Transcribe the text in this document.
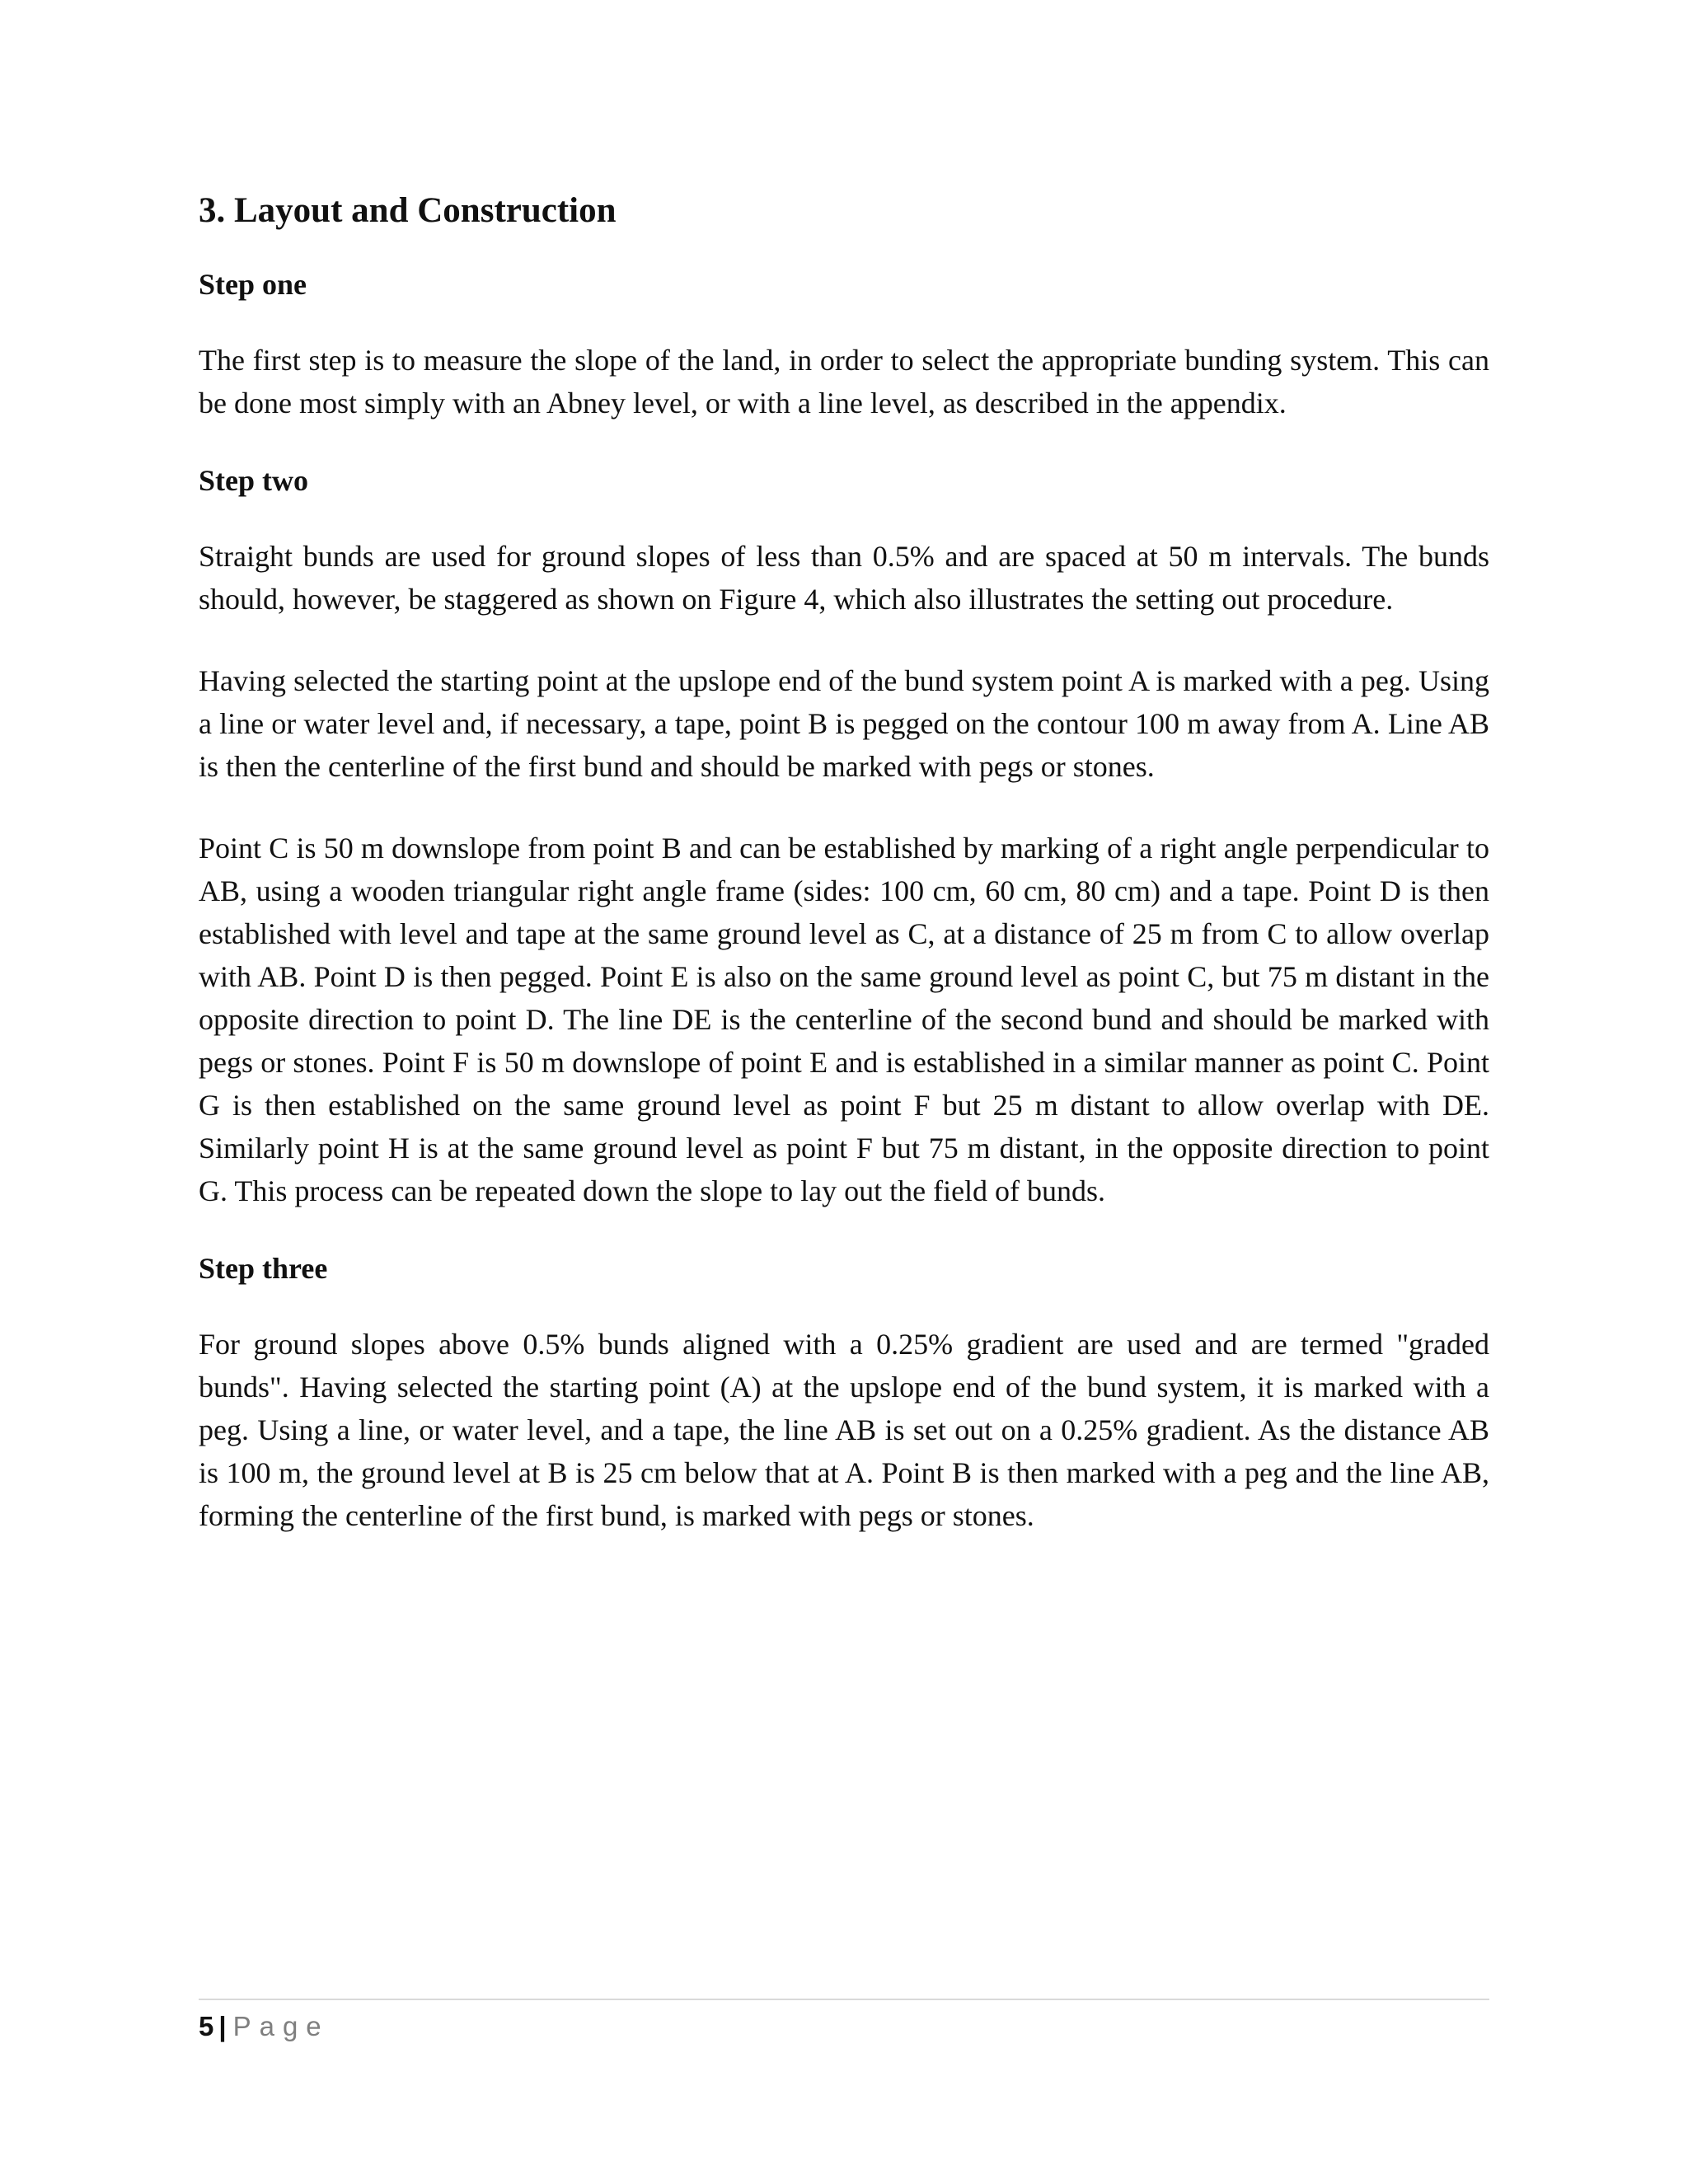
3. Layout and Construction
Step one

The first step is to measure the slope of the land, in order to select the appropriate bunding system. This can be done most simply with an Abney level, or with a line level, as described in the appendix.

Step two

Straight bunds are used for ground slopes of less than 0.5% and are spaced at 50 m intervals. The bunds should, however, be staggered as shown on Figure 4, which also illustrates the setting out procedure.

Having selected the starting point at the upslope end of the bund system point A is marked with a peg. Using a line or water level and, if necessary, a tape, point B is pegged on the contour 100 m away from A. Line AB is then the centerline of the first bund and should be marked with pegs or stones.

Point C is 50 m downslope from point B and can be established by marking of a right angle perpendicular to AB, using a wooden triangular right angle frame (sides: 100 cm, 60 cm, 80 cm) and a tape. Point D is then established with level and tape at the same ground level as C, at a distance of 25 m from C to allow overlap with AB. Point D is then pegged. Point E is also on the same ground level as point C, but 75 m distant in the opposite direction to point D. The line DE is the centerline of the second bund and should be marked with pegs or stones. Point F is 50 m downslope of point E and is established in a similar manner as point C. Point G is then established on the same ground level as point F but 25 m distant to allow overlap with DE. Similarly point H is at the same ground level as point F but 75 m distant, in the opposite direction to point G. This process can be repeated down the slope to lay out the field of bunds.

Step three

For ground slopes above 0.5% bunds aligned with a 0.25% gradient are used and are termed "graded bunds". Having selected the starting point (A) at the upslope end of the bund system, it is marked with a peg. Using a line, or water level, and a tape, the line AB is set out on a 0.25% gradient. As the distance AB is 100 m, the ground level at B is 25 cm below that at A. Point B is then marked with a peg and the line AB, forming the centerline of the first bund, is marked with pegs or stones.

5 | Page
